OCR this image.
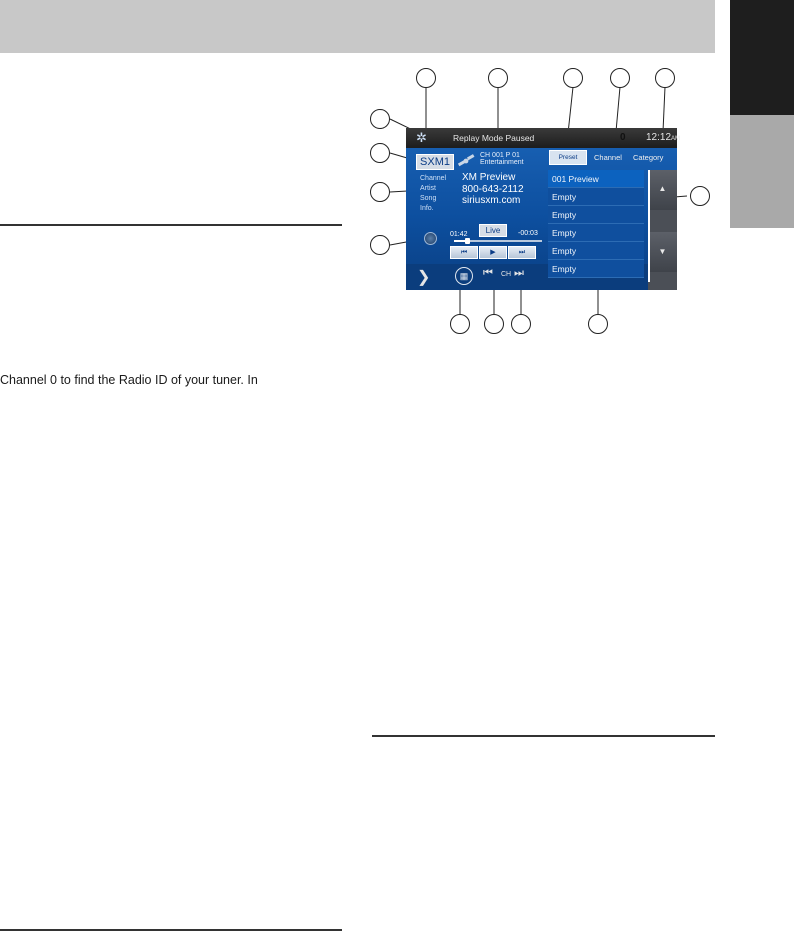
Channel 0 to find the Radio ID of your tuner. In
✲	Replay Mode Paused	0 12:12AM
SXM1
CH 001 P 01
Entertainment
Preset	Channel Category
Channel
Artist
Song
Info.
XM Preview
800-643-2112
siriusxm.com
01:42	Live	-00:03
⏮	▶	⏭
❯	▦	⏮ CH ⏭
001 Preview
Empty
Empty
Empty
Empty
Empty
▲
▼
